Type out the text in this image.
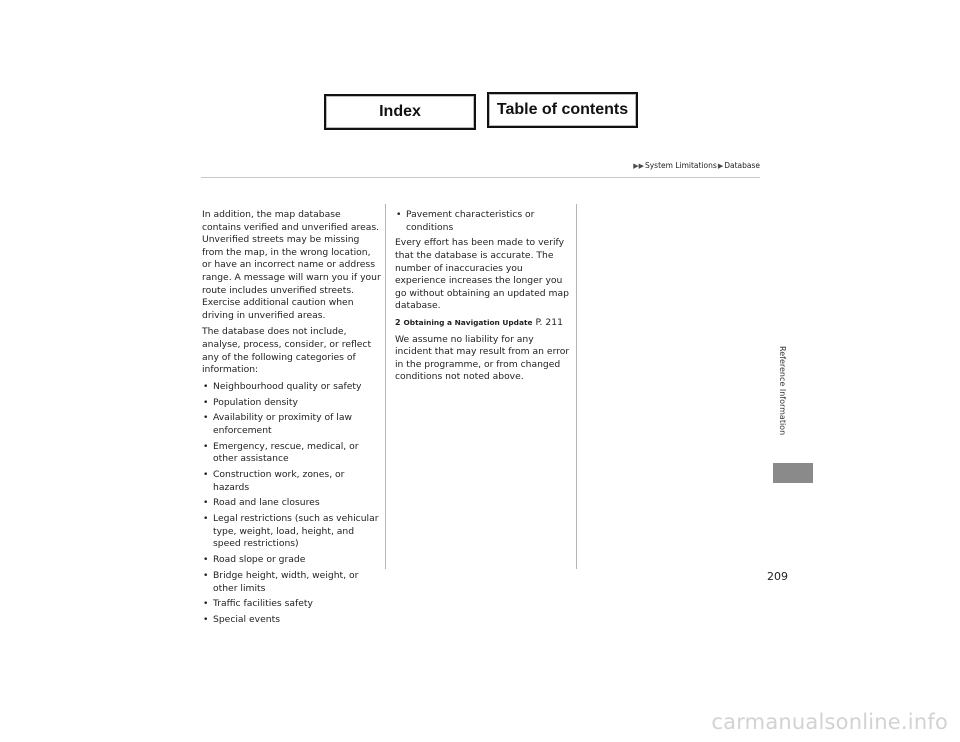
Index	Table of contents
▶▶ System Limitations ▶ Database

In addition, the map database contains verified and unverified areas. Unverified streets may be missing from the map, in the wrong location, or have an incorrect name or address range. A message will warn you if your route includes unverified streets. Exercise additional caution when driving in unverified areas.

The database does not include, analyse, process, consider, or reflect any of the following categories of information:

• Neighbourhood quality or safety
• Population density
• Availability or proximity of law enforcement
• Emergency, rescue, medical, or other assistance
• Construction work, zones, or hazards
• Road and lane closures
• Legal restrictions (such as vehicular type, weight, load, height, and speed restrictions)
• Road slope or grade
• Bridge height, width, weight, or other limits
• Traffic facilities safety
• Special events
• Pavement characteristics or conditions

Every effort has been made to verify that the database is accurate. The number of inaccuracies you experience increases the longer you go without obtaining an updated map database.

2 Obtaining a Navigation Update P. 211

We assume no liability for any incident that may result from an error in the programme, or from changed conditions not noted above.	Reference Information
209
carmanualsonline.info
